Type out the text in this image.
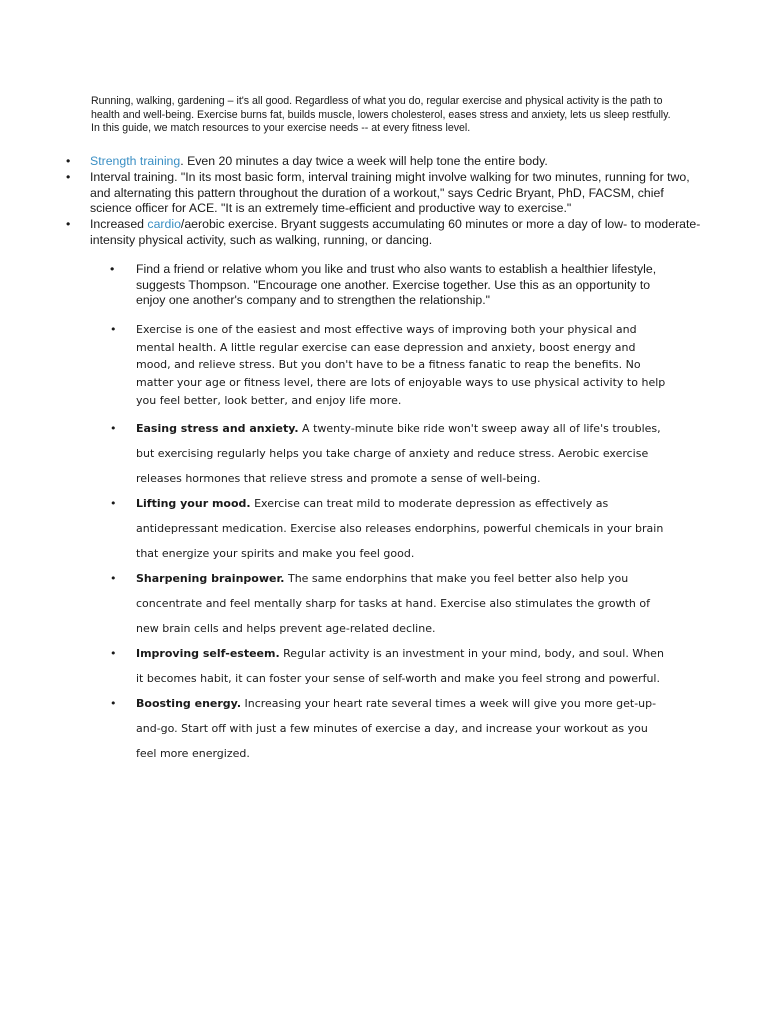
Running, walking, gardening – it's all good. Regardless of what you do, regular exercise and physical activity is the path to health and well-being. Exercise burns fat, builds muscle, lowers cholesterol, eases stress and anxiety, lets us sleep restfully. In this guide, we match resources to your exercise needs -- at every fitness level.

• Strength training. Even 20 minutes a day twice a week will help tone the entire body.
• Interval training. "In its most basic form, interval training might involve walking for two minutes, running for two, and alternating this pattern throughout the duration of a workout," says Cedric Bryant, PhD, FACSM, chief science officer for ACE. "It is an extremely time-efficient and productive way to exercise."
• Increased cardio/aerobic exercise. Bryant suggests accumulating 60 minutes or more a day of low- to moderate-intensity physical activity, such as walking, running, or dancing.
• Find a friend or relative whom you like and trust who also wants to establish a healthier lifestyle, suggests Thompson. "Encourage one another. Exercise together. Use this as an opportunity to enjoy one another's company and to strengthen the relationship."
• Exercise is one of the easiest and most effective ways of improving both your physical and mental health. A little regular exercise can ease depression and anxiety, boost energy and mood, and relieve stress. But you don't have to be a fitness fanatic to reap the benefits. No matter your age or fitness level, there are lots of enjoyable ways to use physical activity to help you feel better, look better, and enjoy life more.
• Easing stress and anxiety. A twenty-minute bike ride won't sweep away all of life's troubles, but exercising regularly helps you take charge of anxiety and reduce stress. Aerobic exercise releases hormones that relieve stress and promote a sense of well-being.
• Lifting your mood. Exercise can treat mild to moderate depression as effectively as antidepressant medication. Exercise also releases endorphins, powerful chemicals in your brain that energize your spirits and make you feel good.
• Sharpening brainpower. The same endorphins that make you feel better also help you concentrate and feel mentally sharp for tasks at hand. Exercise also stimulates the growth of new brain cells and helps prevent age-related decline.
• Improving self-esteem. Regular activity is an investment in your mind, body, and soul. When it becomes habit, it can foster your sense of self-worth and make you feel strong and powerful.
• Boosting energy. Increasing your heart rate several times a week will give you more get-up-and-go. Start off with just a few minutes of exercise a day, and increase your workout as you feel more energized.
